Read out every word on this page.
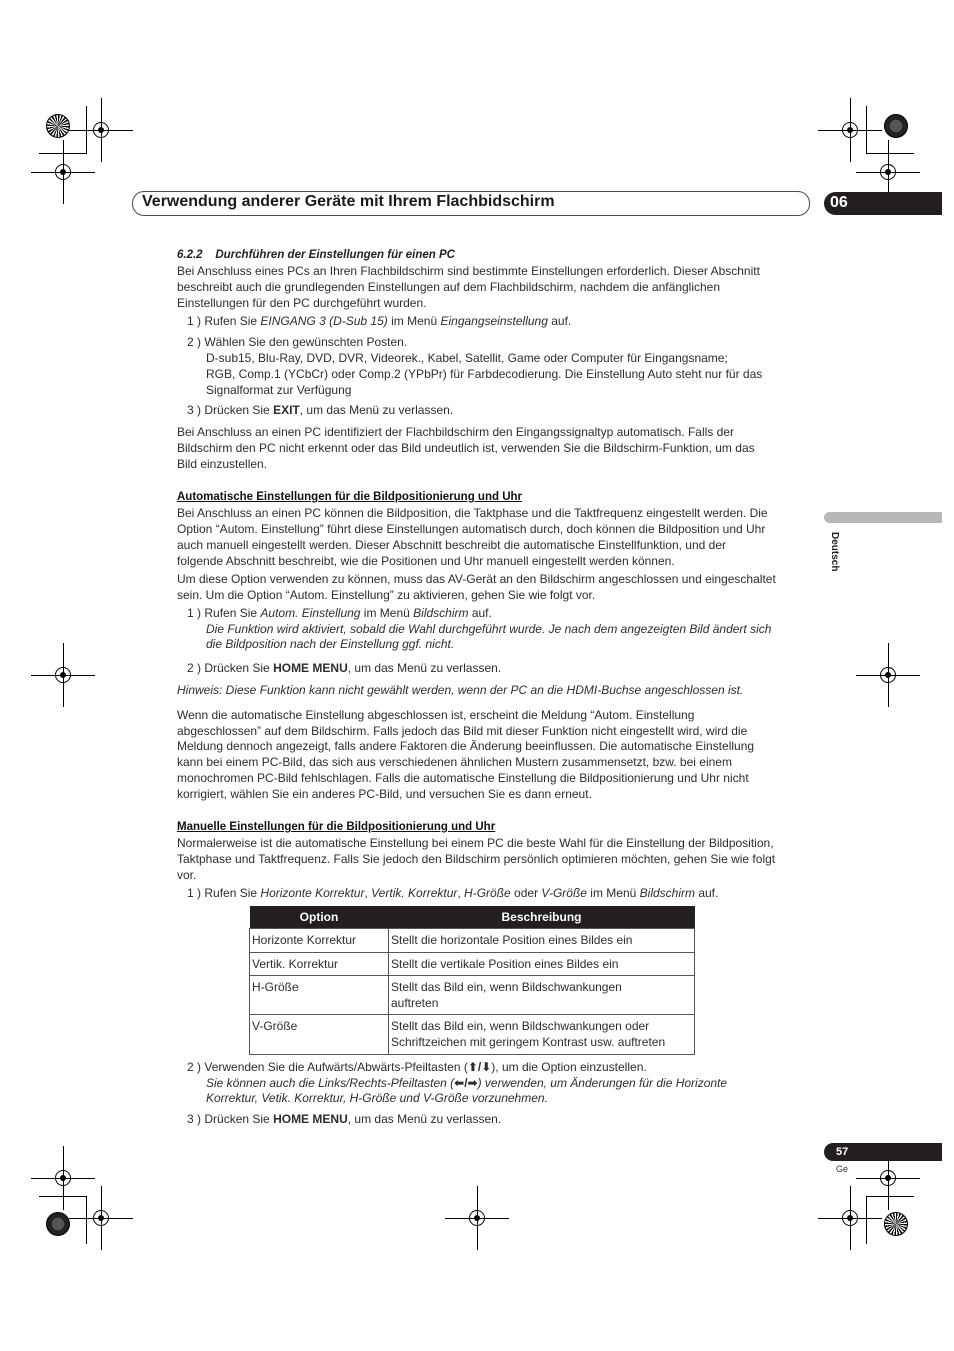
Verwendung anderer Geräte mit Ihrem Flachbidschirm	06
Deutsch
6.2.2    Durchführen der Einstellungen für einen PC
Bei Anschluss eines PCs an Ihren Flachbildschirm sind bestimmte Einstellungen erforderlich. Dieser Abschnitt
beschreibt auch die grundlegenden Einstellungen auf dem Flachbildschirm, nachdem die anfänglichen
Einstellungen für den PC durchgeführt wurden.
1 ) Rufen Sie EINGANG 3 (D-Sub 15) im Menü Eingangseinstellung auf.
2 ) Wählen Sie den gewünschten Posten.
D-sub15, Blu-Ray, DVD, DVR, Videorek., Kabel, Satellit, Game oder Computer für Eingangsname;
RGB, Comp.1 (YCbCr) oder Comp.2 (YPbPr) für Farbdecodierung. Die Einstellung Auto steht nur für das
Signalformat zur Verfügung
3 ) Drücken Sie EXIT, um das Menü zu verlassen.
Bei Anschluss an einen PC identifiziert der Flachbildschirm den Eingangssignaltyp automatisch. Falls der
Bildschirm den PC nicht erkennt oder das Bild undeutlich ist, verwenden Sie die Bildschirm-Funktion, um das
Bild einzustellen.
Automatische Einstellungen für die Bildpositionierung und Uhr
Bei Anschluss an einen PC können die Bildposition, die Taktphase und die Taktfrequenz eingestellt werden. Die
Option “Autom. Einstellung” führt diese Einstellungen automatisch durch, doch können die Bildposition und Uhr
auch manuell eingestellt werden. Dieser Abschnitt beschreibt die automatische Einstellfunktion, und der
folgende Abschnitt beschreibt, wie die Positionen und Uhr manuell eingestellt werden können.
Um diese Option verwenden zu können, muss das AV-Gerät an den Bildschirm angeschlossen und eingeschaltet
sein. Um die Option “Autom. Einstellung” zu aktivieren, gehen Sie wie folgt vor.
1 ) Rufen Sie Autom. Einstellung im Menü Bildschirm auf.
Die Funktion wird aktiviert, sobald die Wahl durchgeführt wurde. Je nach dem angezeigten Bild ändert sich
die Bildposition nach der Einstellung ggf. nicht.
2 ) Drücken Sie HOME MENU, um das Menü zu verlassen.
Hinweis: Diese Funktion kann nicht gewählt werden, wenn der PC an die HDMI-Buchse angeschlossen ist.
Wenn die automatische Einstellung abgeschlossen ist, erscheint die Meldung “Autom. Einstellung
abgeschlossen” auf dem Bildschirm. Falls jedoch das Bild mit dieser Funktion nicht eingestellt wird, wird die
Meldung dennoch angezeigt, falls andere Faktoren die Änderung beeinflussen. Die automatische Einstellung
kann bei einem PC-Bild, das sich aus verschiedenen ähnlichen Mustern zusammensetzt, bzw. bei einem
monochromen PC-Bild fehlschlagen. Falls die automatische Einstellung die Bildpositionierung und Uhr nicht
korrigiert, wählen Sie ein anderes PC-Bild, und versuchen Sie es dann erneut.
Manuelle Einstellungen für die Bildpositionierung und Uhr
Normalerweise ist die automatische Einstellung bei einem PC die beste Wahl für die Einstellung der Bildposition,
Taktphase und Taktfrequenz. Falls Sie jedoch den Bildschirm persönlich optimieren möchten, gehen Sie wie folgt
vor.
1 ) Rufen Sie Horizonte Korrektur, Vertik. Korrektur, H-Größe oder V-Größe im Menü Bildschirm auf.
Option	Beschreibung
Horizonte Korrektur	Stellt die horizontale Position eines Bildes ein
Vertik. Korrektur	Stellt die vertikale Position eines Bildes ein
H-Größe	Stellt das Bild ein, wenn Bildschwankungen
auftreten

V-Größe	Stellt das Bild ein, wenn Bildschwankungen oder
Schriftzeichen mit geringem Kontrast usw. auftreten
2 ) Verwenden Sie die Aufwärts/Abwärts-Pfeiltasten (⬆/⬇), um die Option einzustellen.
Sie können auch die Links/Rechts-Pfeiltasten (⬅/➡) verwenden, um Änderungen für die Horizonte
Korrektur, Vetik. Korrektur, H-Größe und V-Größe vorzunehmen.
3 ) Drücken Sie HOME MENU, um das Menü zu verlassen.
57
Ge
